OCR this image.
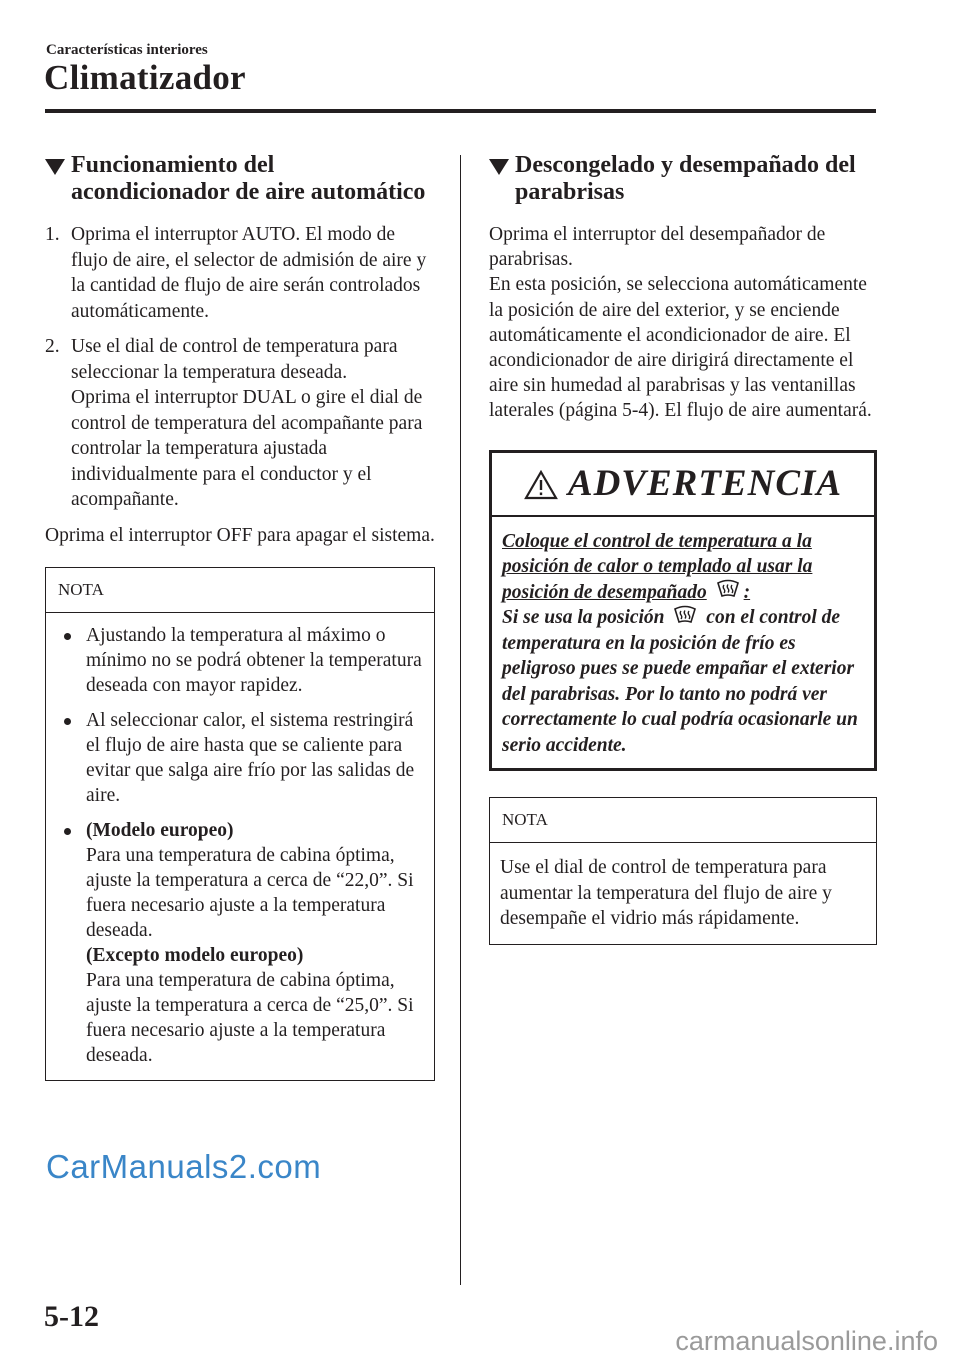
Características interiores
Climatizador
Funcionamiento del acondicionador de aire automático
1. Oprima el interruptor AUTO. El modo de flujo de aire, el selector de admisión de aire y la cantidad de flujo de aire serán controlados automáticamente.
2. Use el dial de control de temperatura para seleccionar la temperatura deseada.
Oprima el interruptor DUAL o gire el dial de control de temperatura del acompañante para controlar la temperatura ajustada individualmente para el conductor y el acompañante.

Oprima el interruptor OFF para apagar el sistema.

NOTA
Ajustando la temperatura al máximo o mínimo no se podrá obtener la temperatura deseada con mayor rapidez.
Al seleccionar calor, el sistema restringirá el flujo de aire hasta que se caliente para evitar que salga aire frío por las salidas de aire.
(Modelo europeo)
Para una temperatura de cabina óptima, ajuste la temperatura a cerca de “22,0”. Si fuera necesario ajuste a la temperatura deseada.
(Excepto modelo europeo)
Para una temperatura de cabina óptima, ajuste la temperatura a cerca de “25,0”. Si fuera necesario ajuste a la temperatura deseada.
Descongelado y desempañado del parabrisas
Oprima el interruptor del desempañador de parabrisas.
En esta posición, se selecciona automáticamente la posición de aire del exterior, y se enciende automáticamente el acondicionador de aire. El acondicionador de aire dirigirá directamente el aire sin humedad al parabrisas y las ventanillas laterales (página 5-4). El flujo de aire aumentará.
ADVERTENCIA
Coloque el control de temperatura a la posición de calor o templado al usar la posición de desempañado :
Si se usa la posición con el control de temperatura en la posición de frío es peligroso pues se puede empañar el exterior del parabrisas. Por lo tanto no podrá ver correctamente lo cual podría ocasionarle un serio accidente.
NOTA
Use el dial de control de temperatura para aumentar la temperatura del flujo de aire y desempañe el vidrio más rápidamente.
CarManuals2.com
5-12
carmanualsonline.info
